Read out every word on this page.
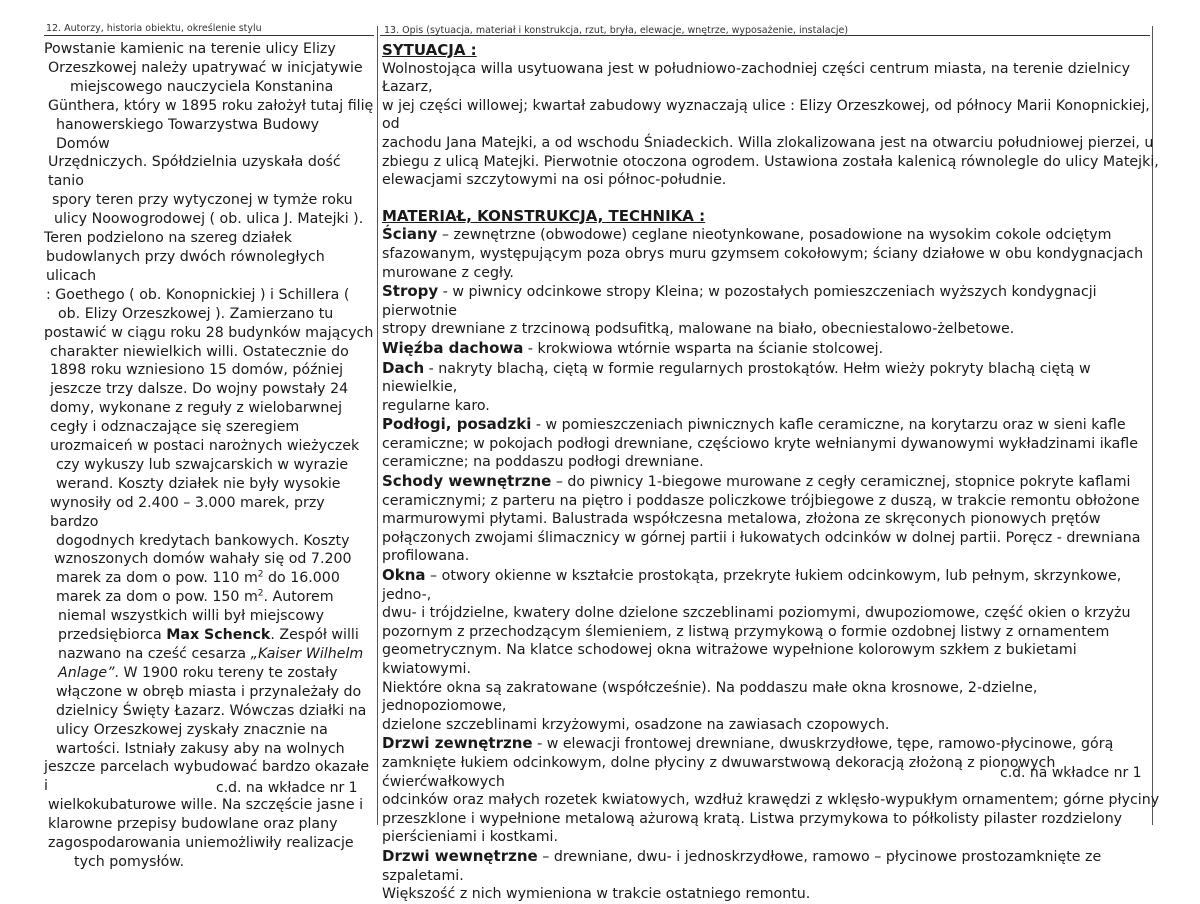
12. Autorzy, historia obiektu, określenie stylu	13. Opis (sytuacja, materiał i konstrukcja, rzut, bryła, elewacje, wnętrze, wyposażenie, instalacje)
Powstanie kamienic na terenie ulicy Elizy
Orzeszkowej należy upatrywać w inicjatywie
miejscowego nauczyciela Konstanina
Günthera, który w 1895 roku założył tutaj filię
hanowerskiego Towarzystwa Budowy Domów
Urzędniczych. Spółdzielnia uzyskała dość tanio
spory teren przy wytyczonej w tymże roku
ulicy Noowogrodowej ( ob. ulica J. Matejki ).
Teren podzielono na szereg działek
budowlanych przy dwóch równoległych ulicach
: Goethego ( ob. Konopnickiej ) i Schillera (
ob. Elizy Orzeszkowej ). Zamierzano tu
postawić w ciągu roku 28 budynków mających
charakter niewielkich willi. Ostatecznie do
1898 roku wzniesiono 15 domów, później
jeszcze trzy dalsze. Do wojny powstały 24
domy, wykonane z reguły z wielobarwnej
cegły i odznaczające się szeregiem
urozmaiceń w postaci narożnych wieżyczek
czy wykuszy lub szwajcarskich w wyrazie
werand. Koszty działek nie były wysokie
wynosiły od 2.400 – 3.000 marek, przy bardzo
dogodnych kredytach bankowych. Koszty
wznoszonych domów wahały się od 7.200
marek za dom o pow. 110 $m^2$ do 16.000
marek za dom o pow. 150 $m^2$. Autorem
niemal wszystkich willi był miejscowy
przedsiębiorca Max Schenck. Zespół willi
nazwano na cześć cesarza „Kaiser Wilhelm
Anlage”. W 1900 roku tereny te zostały
włączone w obręb miasta i przynależały do
dzielnicy Święty Łazarz. Wówczas działki na
ulicy Orzeszkowej zyskały znacznie na
wartości. Istniały zakusy aby na wolnych
jeszcze parcelach wybudować bardzo okazałe i
wielkokubaturowe wille. Na szczęście jasne i
klarowne przepisy budowlane oraz plany
zagospodarowania uniemożliwiły realizacje
tych pomysłów.
c.d. na wkładce nr 1
SYTUACJA :
Wolnostojąca willa usytuowana jest w południowo-zachodniej części centrum miasta, na terenie dzielnicy Łazarz,
w jej części willowej; kwartał zabudowy wyznaczają ulice : Elizy Orzeszkowej, od północy Marii Konopnickiej, od
zachodu Jana Matejki, a od wschodu Śniadeckich. Willa zlokalizowana jest na otwarciu południowej pierzei, u
zbiegu z ulicą Matejki. Pierwotnie otoczona ogrodem. Ustawiona została kalenicą równolegle do ulicy Matejki,
elewacjami szczytowymi na osi północ-południe.
MATERIAŁ, KONSTRUKCJA, TECHNIKA :
Ściany – zewnętrzne (obwodowe) ceglane nieotynkowane, posadowione na wysokim cokole odciętym
sfazowanym, występującym poza obrys muru gzymsem cokołowym; ściany działowe w obu kondygnacjach
murowane z cegły.
Stropy - w piwnicy odcinkowe stropy Kleina; w pozostałych pomieszczeniach wyższych kondygnacji pierwotnie
stropy drewniane z trzcinową podsufitką, malowane na biało, obecniestalowo-żelbetowe.
Więźba dachowa - krokwiowa wtórnie wsparta na ścianie stolcowej.
Dach - nakryty blachą, ciętą w formie regularnych prostokątów. Hełm wieży pokryty blachą ciętą w niewielkie,
regularne karo.
Podłogi, posadzki - w pomieszczeniach piwnicznych kafle ceramiczne, na korytarzu oraz w sieni kafle
ceramiczne; w pokojach podłogi drewniane, częściowo kryte wełnianymi dywanowymi wykładzinami ikafle
ceramiczne; na poddaszu podłogi drewniane.
Schody wewnętrzne – do piwnicy 1-biegowe murowane z cegły ceramicznej, stopnice pokryte kaflami
ceramicznymi; z parteru na piętro i poddasze policzkowe trójbiegowe z duszą, w trakcie remontu obłożone
marmurowymi płytami. Balustrada współczesna metalowa, złożona ze skręconych pionowych prętów
połączonych zwojami ślimacznicy w górnej partii i łukowatych odcinków w dolnej partii. Poręcz - drewniana
profilowana.
Okna – otwory okienne w kształcie prostokąta, przekryte łukiem odcinkowym, lub pełnym, skrzynkowe, jedno-,
dwu- i trójdzielne, kwatery dolne dzielone szczeblinami poziomymi, dwupoziomowe, część okien o krzyżu
pozornym z przechodzącym ślemieniem, z listwą przymykową o formie ozdobnej listwy z ornamentem
geometrycznym. Na klatce schodowej okna witrażowe wypełnione kolorowym szkłem z bukietami kwiatowymi.
Niektóre okna są zakratowane (współcześnie). Na poddaszu małe okna krosnowe, 2-dzielne, jednopoziomowe,
dzielone szczeblinami krzyżowymi, osadzone na zawiasach czopowych.
Drzwi zewnętrzne - w elewacji frontowej drewniane, dwuskrzydłowe, tępe, ramowo-płycinowe, górą
zamknięte łukiem odcinkowym, dolne płyciny z dwuwarstwową dekoracją złożoną z pionowych ćwierćwałkowych
odcinków oraz małych rozetek kwiatowych, wzdłuż krawędzi z wklęsło-wypukłym ornamentem; górne płyciny
przeszklone i wypełnione metalową ażurową kratą. Listwa przymykowa to półkolisty pilaster rozdzielony
pierścieniami i kostkami.
Drzwi wewnętrzne – drewniane, dwu- i jednoskrzydłowe, ramowo – płycinowe prostozamknięte ze szpaletami.
Większość z nich wymieniona w trakcie ostatniego remontu.
c.d. na wkładce nr 1
